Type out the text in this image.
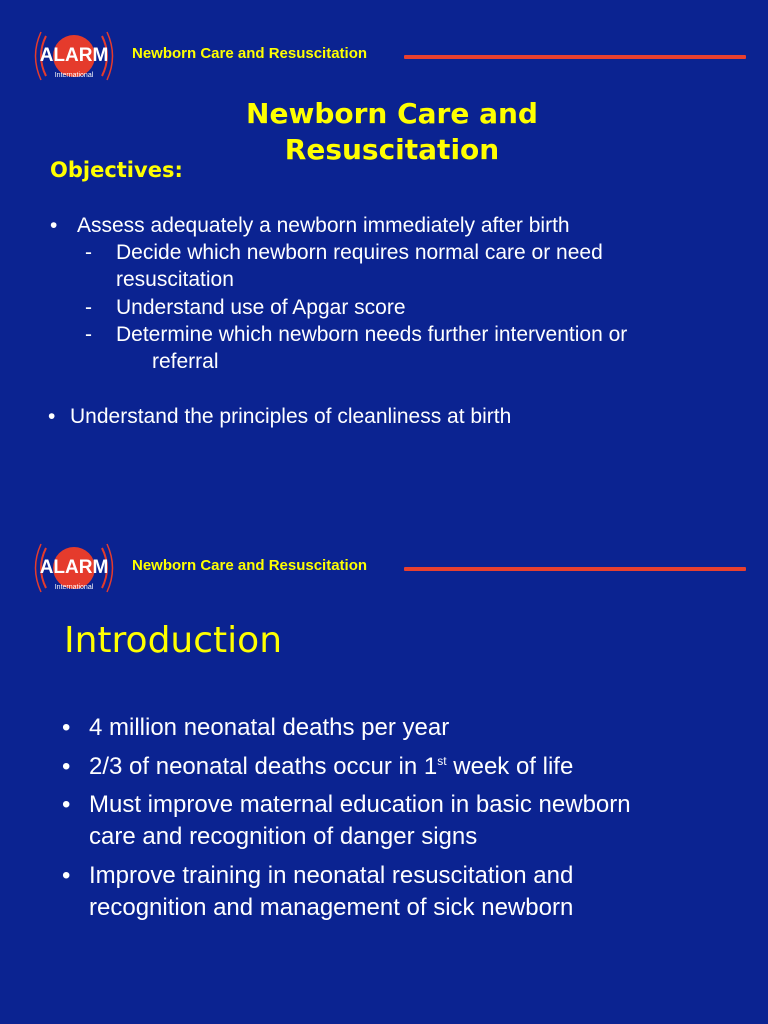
ALARM
International
Newborn Care and Resuscitation
Newborn Care and
Resuscitation
Objectives:
• Assess adequately a newborn immediately after birth
- Decide which newborn requires normal care or need
resuscitation
- Understand use of Apgar score
- Determine which newborn needs further intervention or
referral
• Understand the principles of cleanliness at birth
ALARM
International
Newborn Care and Resuscitation
Introduction
• 4 million neonatal deaths per year
• 2/3 of neonatal deaths occur in 1st week of life
• Must improve maternal education in basic newborn
care and recognition of danger signs
• Improve training in neonatal resuscitation and
recognition and management of sick newborn
